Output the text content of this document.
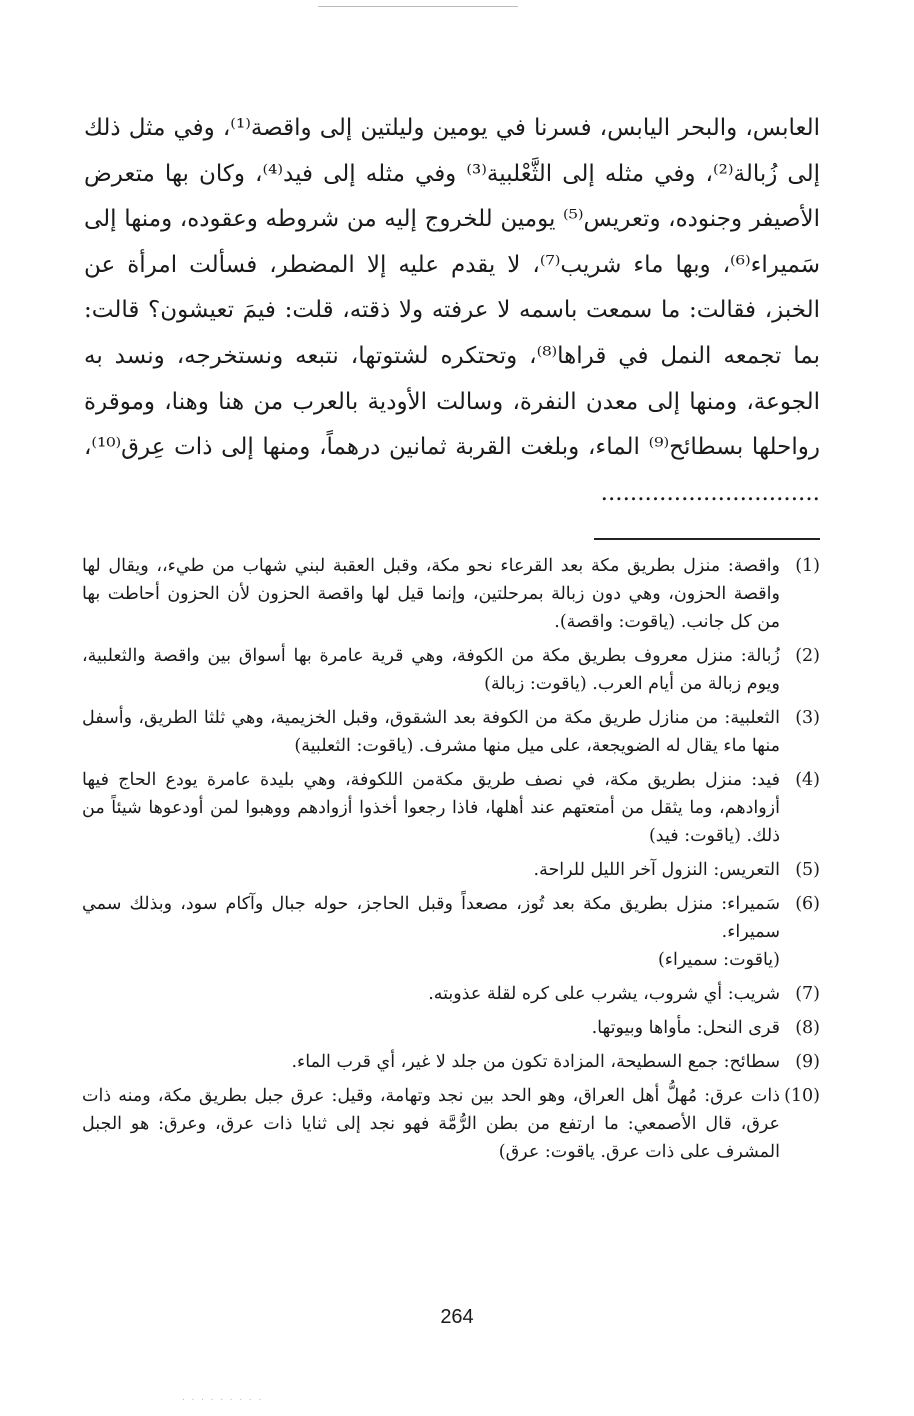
العابس، والبحر اليابس، فسرنا في يومين وليلتين إلى واقصة⁽¹⁾، وفي مثل ذلك إلى زُبالة⁽²⁾، وفي مثله إلى الثَّعْلبية⁽³⁾ وفي مثله إلى فيد⁽⁴⁾، وكان بها متعرض الأصيفر وجنوده، وتعريس⁽⁵⁾ يومين للخروج إليه من شروطه وعقوده، ومنها إلى سَميراء⁽⁶⁾، وبها ماء شريب⁽⁷⁾، لا يقدم عليه إلا المضطر، فسألت امرأة عن الخبز، فقالت: ما سمعت باسمه لا عرفته ولا ذقته، قلت: فيمَ تعيشون؟ قالت: بما تجمعه النمل في قراها⁽⁸⁾، وتحتكره لشتوتها، نتبعه ونستخرجه، ونسد به الجوعة، ومنها إلى معدن النفرة، وسالت الأودية بالعرب من هنا وهنا، وموقرة رواحلها بسطائح⁽⁹⁾ الماء، وبلغت القربة ثمانين درهماً، ومنها إلى ذات عِرق⁽¹⁰⁾، ..............................

(1)
واقصة: منزل بطريق مكة بعد القرعاء نحو مكة، وقبل العقبة لبني شهاب من طيء،، ويقال لها واقصة الحزون، وهي دون زبالة بمرحلتين، وإنما قيل لها واقصة الحزون لأن الحزون أحاطت بها من كل جانب. (ياقوت: واقصة).
(2)
زُبالة: منزل معروف بطريق مكة من الكوفة، وهي قرية عامرة بها أسواق بين واقصة والثعلبية، ويوم زبالة من أيام العرب. (ياقوت: زبالة)
(3)
الثعلبية: من منازل طريق مكة من الكوفة بعد الشقوق، وقبل الخزيمية، وهي ثلثا الطريق، وأسفل منها ماء يقال له الضويجعة، على ميل منها مشرف. (ياقوت: الثعلبية)
(4)
فيد: منزل بطريق مكة، في نصف طريق مكةمن اللكوفة، وهي بليدة عامرة يودع الحاج فيها أزوادهم، وما يثقل من أمتعتهم عند أهلها، فاذا رجعوا أخذوا أزوادهم ووهبوا لمن أودعوها شيئاً من ذلك. (ياقوت: فيد)
(5)
التعريس: النزول آخر الليل للراحة.
(6)
سَميراء: منزل بطريق مكة بعد تُوز، مصعداً وقبل الحاجز، حوله جبال وآكام سود، وبذلك سمي سميراء.
(ياقوت: سميراء)
(7)
شريب: أي شروب، يشرب على كره لقلة عذوبته.
(8)
قرى النحل: مأواها وبيوتها.
(9)
سطائح: جمع السطيحة، المزادة تكون من جلد لا غير، أي قرب الماء.
(10)
ذات عرق: مُهلُّ أهل العراق، وهو الحد بين نجد وتهامة، وقيل: عرق جبل بطريق مكة، ومنه ذات عرق، قال الأصمعي: ما ارتفع من بطن الرُّمَّة فهو نجد إلى ثنايا ذات عرق، وعرق: هو الجبل المشرف على ذات عرق. ياقوت: عرق)
264
. . . . . . . . .
